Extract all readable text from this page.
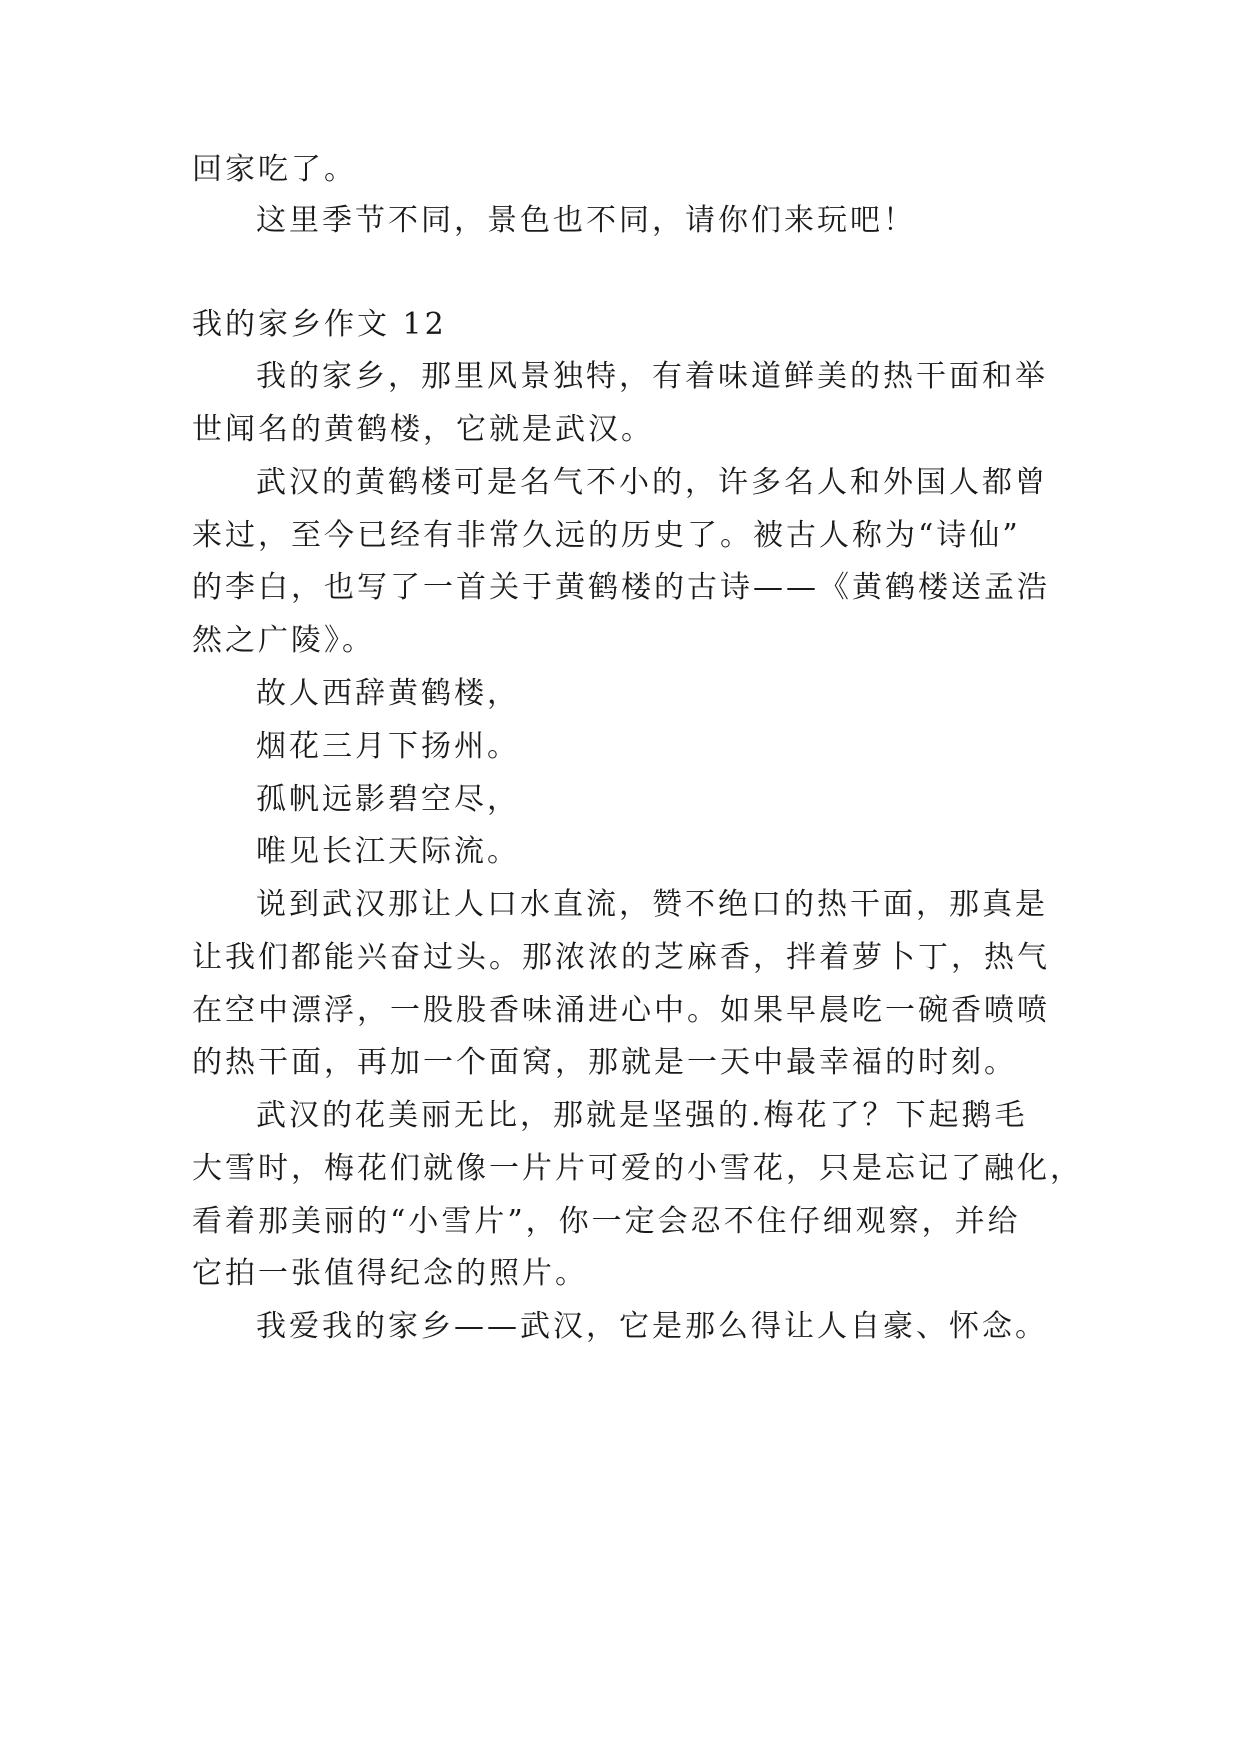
回家吃了。
这里季节不同，景色也不同，请你们来玩吧！
我的家乡作文 12
我的家乡，那里风景独特，有着味道鲜美的热干面和举
世闻名的黄鹤楼，它就是武汉。
武汉的黄鹤楼可是名气不小的，许多名人和外国人都曾
来过，至今已经有非常久远的历史了。被古人称为“诗仙”
的李白，也写了一首关于黄鹤楼的古诗——《黄鹤楼送孟浩
然之广陵》。
故人西辞黄鹤楼，
烟花三月下扬州。
孤帆远影碧空尽，
唯见长江天际流。
说到武汉那让人口水直流，赞不绝口的热干面，那真是
让我们都能兴奋过头。那浓浓的芝麻香，拌着萝卜丁，热气
在空中漂浮，一股股香味涌进心中。如果早晨吃一碗香喷喷
的热干面，再加一个面窝，那就是一天中最幸福的时刻。
武汉的花美丽无比，那就是坚强的.梅花了？下起鹅毛
大雪时，梅花们就像一片片可爱的小雪花，只是忘记了融化，
看着那美丽的“小雪片”，你一定会忍不住仔细观察，并给
它拍一张值得纪念的照片。
我爱我的家乡——武汉，它是那么得让人自豪、怀念。
